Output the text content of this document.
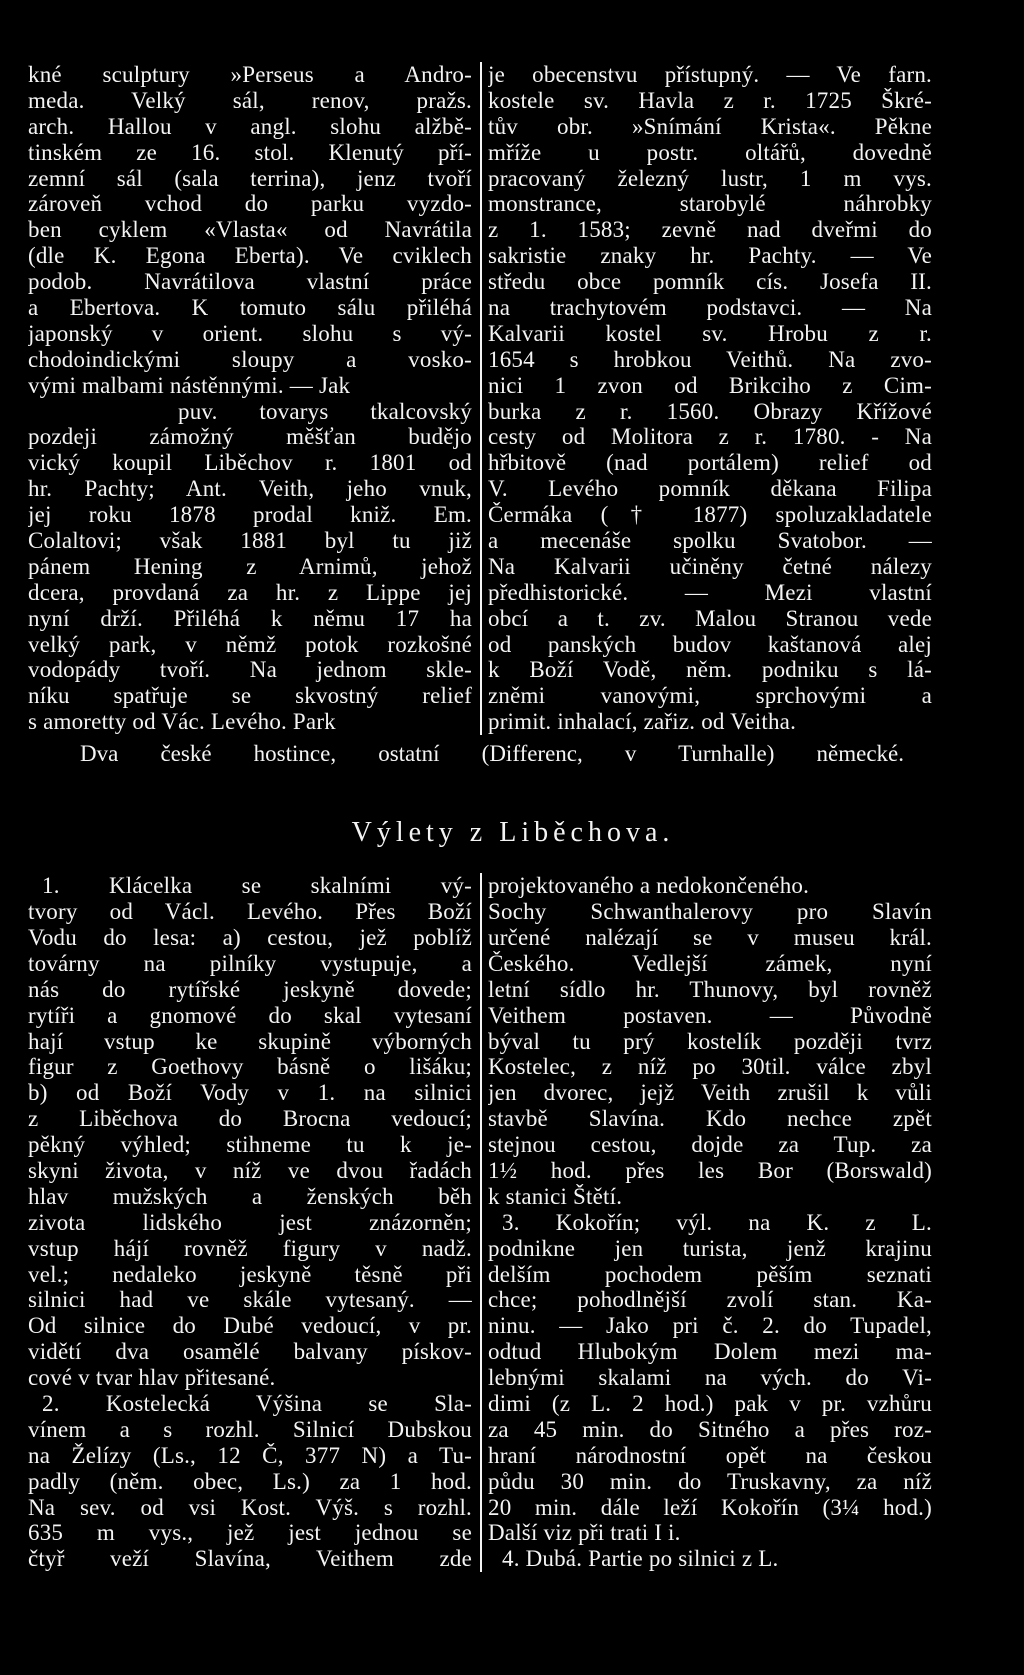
kné sculptury »Perseus a Andro-
meda. Velký sál, renov, pražs.
arch. Hallou v angl. slohu alžbě-
tinském ze 16. stol. Klenutý pří-
zemní sál (sala terrina), jenz tvoří
zároveň vchod do parku vyzdo-
ben cyklem «Vlasta« od Navrátila
(dle K. Egona Eberta). Ve cviklech
podob. Navrátilova vlastní práce
a Ebertova. K tomuto sálu přiléhá
japonský v orient. slohu s vý-
chodoindickými sloupy a vosko-
vými malbami nástěnnými. — Jak
puv. tovarys tkalcovský
pozdeji zámožný měšťan budějo
vický koupil Liběchov r. 1801 od
hr. Pachty; Ant. Veith, jeho vnuk,
jej roku 1878 prodal kniž. Em.
Colaltovi; však 1881 byl tu již
pánem Hening z Arnimů, jehož
dcera, provdaná za hr. z Lippe jej
nyní drží. Přiléhá k němu 17 ha
velký park, v němž potok rozkošné
vodopády tvoří. Na jednom skle-
níku spatřuje se skvostný relief
s amoretty od Vác. Levého. Park
je obecenstvu přístupný. — Ve farn.
kostele sv. Havla z r. 1725 Škré-
tův obr. »Snímání Krista«. Pěkne
mříže u postr. oltářů, dovedně
pracovaný železný lustr, 1 m vys.
monstrance, starobylé náhrobky
z 1. 1583; zevně nad dveřmi do
sakristie znaky hr. Pachty. — Ve
středu obce pomník cís. Josefa II.
na trachytovém podstavci. — Na
Kalvarii kostel sv. Hrobu z r.
1654 s hrobkou Veithů. Na zvo-
nici 1 zvon od Brikciho z Cim-
burka z r. 1560. Obrazy Křížové
cesty od Molitora z r. 1780. - Na
hřbitově (nad portálem) relief od
V. Levého pomník děkana Filipa
Čermáka († 1877) spoluzakladatele
a mecenáše spolku Svatobor. —
Na Kalvarii učiněny četné nálezy
předhistorické. — Mezi vlastní
obcí a t. zv. Malou Stranou vede
od panských budov kaštanová alej
k Boží Vodě, něm. podniku s lá-
zněmi vanovými, sprchovými a
primit. inhalací, zařiz. od Veitha.
Dva české hostince, ostatní (Differenc, v Turnhalle) německé.
Výlety z Liběchova.
1. Klácelka se skalními vý-
tvory od Václ. Levého. Přes Boží
Vodu do lesa: a) cestou, jež poblíž
továrny na pilníky vystupuje, a
nás do rytířské jeskyně dovede;
rytíři a gnomové do skal vytesaní
hají vstup ke skupině výborných
figur z Goethovy básně o lišáku;
b) od Boží Vody v 1. na silnici
z Liběchova do Brocna vedoucí;
pěkný výhled; stihneme tu k je-
skyni života, v níž ve dvou řadách
hlav mužských a ženských běh
zivota lidského jest znázorněn;
vstup hájí rovněž figury v nadž.
vel.; nedaleko jeskyně těsně při
silnici had ve skále vytesaný. —
Od silnice do Dubé vedoucí, v pr.
vidětí dva osamělé balvany pískov-
cové v tvar hlav přitesané.
2. Kostelecká Výšina se Sla-
vínem a s rozhl. Silnicí Dubskou
na Želízy (Ls., 12 Č, 377 N) a Tu-
padly (něm. obec, Ls.) za 1 hod.
Na sev. od vsi Kost. Výš. s rozhl.
635 m vys., jež jest jednou se
čtyř veží Slavína, Veithem zde
projektovaného a nedokončeného.
Sochy Schwanthalerovy pro Slavín
určené nalézají se v museu král.
Českého. Vedlejší zámek, nyní
letní sídlo hr. Thunovy, byl rovněž
Veithem postaven. — Původně
býval tu prý kostelík později tvrz
Kostelec, z níž po 30til. válce zbyl
jen dvorec, jejž Veith zrušil k vůli
stavbě Slavína. Kdo nechce zpět
stejnou cestou, dojde za Tup. za
1½ hod. přes les Bor (Borswald)
k stanici Štětí.
3. Kokořín; výl. na K. z L.
podnikne jen turista, jenž krajinu
delším pochodem pěším seznati
chce; pohodlnější zvolí stan. Ka-
ninu. — Jako pri č. 2. do Tupadel,
odtud Hlubokým Dolem mezi ma-
lebnými skalami na vých. do Vi-
dimi (z L. 2 hod.) pak v pr. vzhůru
za 45 min. do Sitného a přes roz-
hraní národnostní opět na českou
půdu 30 min. do Truskavny, za níž
20 min. dále leží Kokořín (3¼ hod.)
Další viz při trati I i.
4. Dubá. Partie po silnici z L.
